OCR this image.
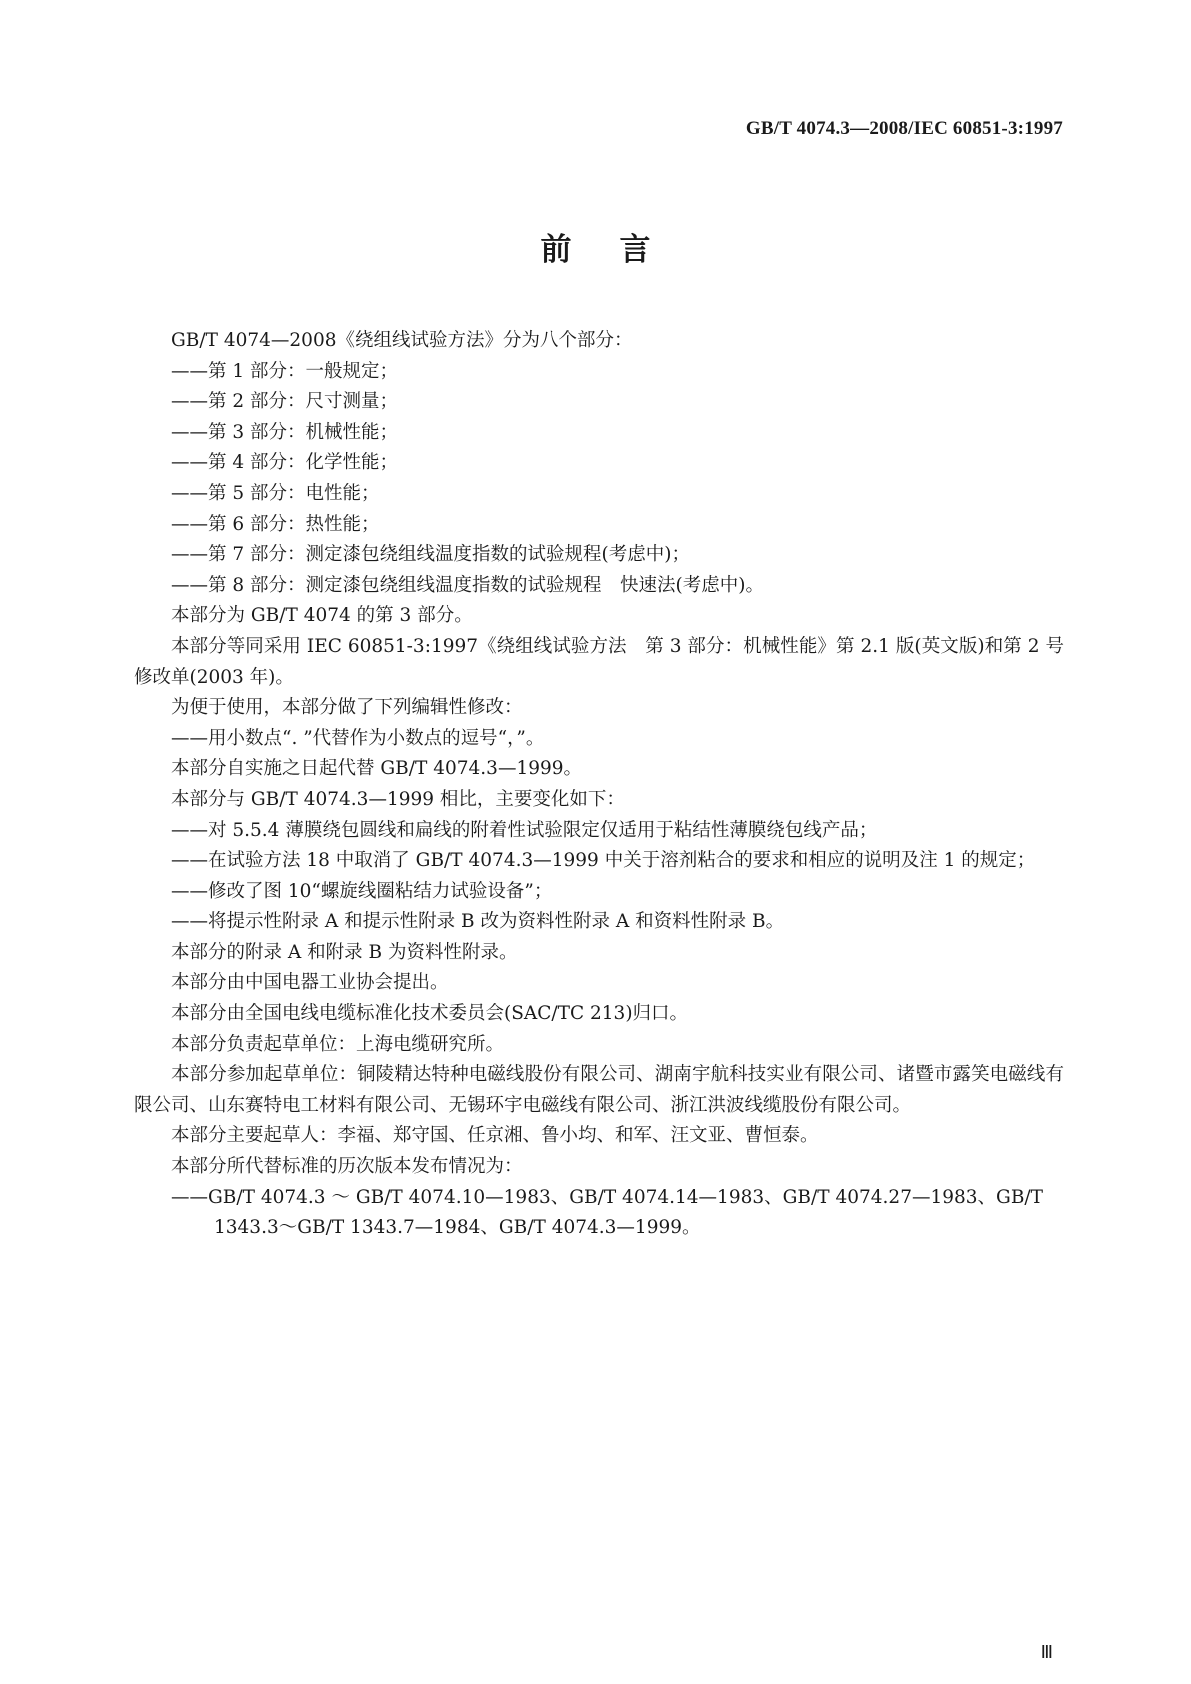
GB/T 4074.3—2008/IEC 60851-3:1997
前言

GB/T 4074—2008《绕组线试验方法》分为八个部分：

——第 1 部分：一般规定；

——第 2 部分：尺寸测量；

——第 3 部分：机械性能；

——第 4 部分：化学性能；

——第 5 部分：电性能；

——第 6 部分：热性能；

——第 7 部分：测定漆包绕组线温度指数的试验规程(考虑中)；

——第 8 部分：测定漆包绕组线温度指数的试验规程　快速法(考虑中)。

本部分为 GB/T 4074 的第 3 部分。

本部分等同采用 IEC 60851-3:1997《绕组线试验方法　第 3 部分：机械性能》第 2.1 版(英文版)和第 2 号修改单(2003 年)。

为便于使用，本部分做了下列编辑性修改：

——用小数点“. ”代替作为小数点的逗号“，”。

本部分自实施之日起代替 GB/T 4074.3—1999。

本部分与 GB/T 4074.3—1999 相比，主要变化如下：

——对 5.5.4 薄膜绕包圆线和扁线的附着性试验限定仅适用于粘结性薄膜绕包线产品；

——在试验方法 18 中取消了 GB/T 4074.3—1999 中关于溶剂粘合的要求和相应的说明及注 1 的规定；

——修改了图 10“螺旋线圈粘结力试验设备”；

——将提示性附录 A 和提示性附录 B 改为资料性附录 A 和资料性附录 B。

本部分的附录 A 和附录 B 为资料性附录。

本部分由中国电器工业协会提出。

本部分由全国电线电缆标准化技术委员会(SAC/TC 213)归口。

本部分负责起草单位：上海电缆研究所。

本部分参加起草单位：铜陵精达特种电磁线股份有限公司、湖南宇航科技实业有限公司、诸暨市露笑电磁线有限公司、山东赛特电工材料有限公司、无锡环宇电磁线有限公司、浙江洪波线缆股份有限公司。

本部分主要起草人：李福、郑守国、任京湘、鲁小均、和军、汪文亚、曹恒泰。

本部分所代替标准的历次版本发布情况为：

——GB/T 4074.3 ～ GB/T 4074.10—1983、GB/T 4074.14—1983、GB/T 4074.27—1983、GB/T 1343.3～GB/T 1343.7—1984、GB/T 4074.3—1999。

Ⅲ
